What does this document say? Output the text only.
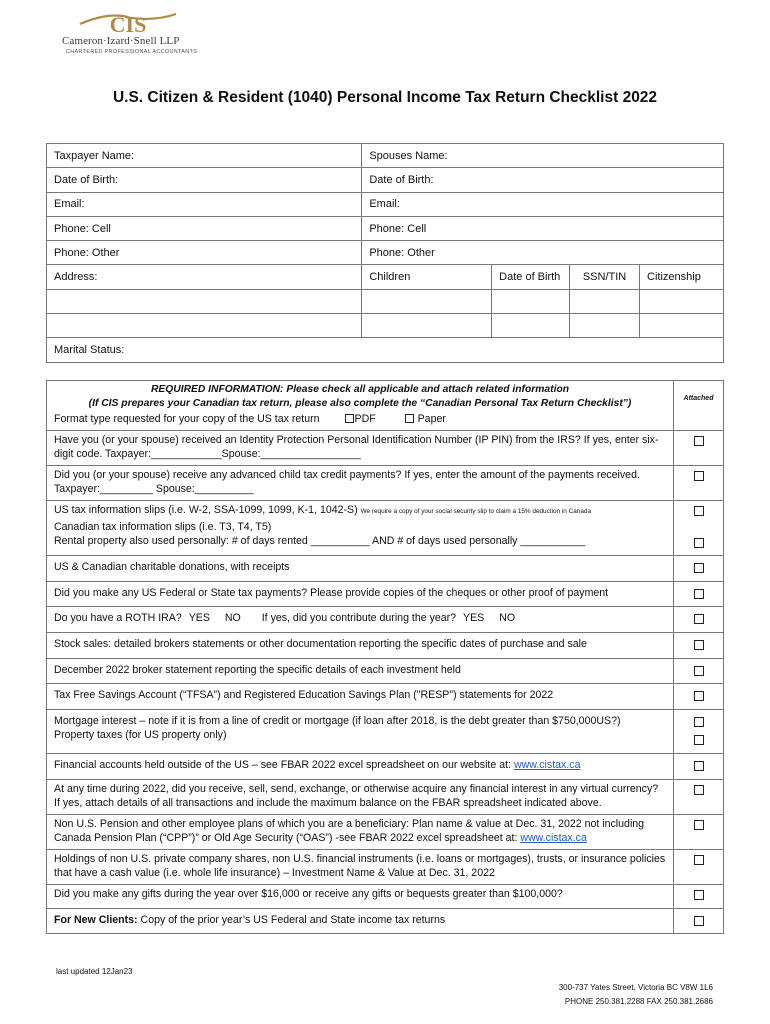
CIS
Cameron·Izard·Snell LLP
CHARTERED PROFESSIONAL ACCOUNTANTS
U.S. Citizen & Resident (1040) Personal Income Tax Return Checklist 2022
Taxpayer Name:	Spouses Name:			
Date of Birth:	Date of Birth:			
Email:	Email:			
Phone: Cell	Phone: Cell			
Phone: Other	Phone: Other			
Address:	Children	Date of Birth	SSN/TIN	Citizenship

Marital Status:				
REQUIRED INFORMATION: Please check all applicable and attach related information
(If CIS prepares your Canadian tax return, please also complete the “Canadian Personal Tax Return Checklist”)
Format type requested for your copy of the US tax return PDF Paper	Attached

Have you (or your spouse) received an Identity Protection Personal Identification Number (IP PIN) from the IRS? If yes, enter six-digit code. Taxpayer:____________Spouse:_________________	
Did you (or your spouse) receive any advanced child tax credit payments? If yes, enter the amount of the payments received. Taxpayer:_________ Spouse:__________	
US tax information slips (i.e. W-2, SSA-1099, 1099, K-1, 1042-S) We require a copy of your social security slip to claim a 15% deduction in Canada
Canadian tax information slips (i.e. T3, T4, T5)
Rental property also used personally: # of days rented __________ AND # of days used personally ___________	

US & Canadian charitable donations, with receipts	
Did you make any US Federal or State tax payments? Please provide copies of the cheques or other proof of payment	
Do you have a ROTH IRA? YES NO If yes, did you contribute during the year? YES NO	
Stock sales: detailed brokers statements or other documentation reporting the specific dates of purchase and sale	
December 2022 broker statement reporting the specific details of each investment held	
Tax Free Savings Account (“TFSA”) and Registered Education Savings Plan ("RESP") statements for 2022	
Mortgage interest – note if it is from a line of credit or mortgage (if loan after 2018, is the debt greater than $750,000US?)
Property taxes (for US property only)	

Financial accounts held outside of the US – see FBAR 2022 excel spreadsheet on our website at: www.cistax.ca	
At any time during 2022, did you receive, sell, send, exchange, or otherwise acquire any financial interest in any virtual currency? If yes, attach details of all transactions and include the maximum balance on the FBAR spreadsheet indicated above.	
Non U.S. Pension and other employee plans of which you are a beneficiary: Plan name & value at Dec. 31, 2022 not including Canada Pension Plan (“CPP”)” or Old Age Security (“OAS”) -see FBAR 2022 excel spreadsheet at: www.cistax.ca	
Holdings of non U.S. private company shares, non U.S. financial instruments (i.e. loans or mortgages), trusts, or insurance policies that have a cash value (i.e. whole life insurance) – Investment Name & Value at Dec. 31, 2022	
Did you make any gifts during the year over $16,000 or receive any gifts or bequests greater than $100,000?	
For New Clients: Copy of the prior year’s US Federal and State income tax returns	
last updated 12Jan23
300-737 Yates Street, Victoria BC V8W 1L6
PHONE 250.381.2288 FAX 250.381.2686
